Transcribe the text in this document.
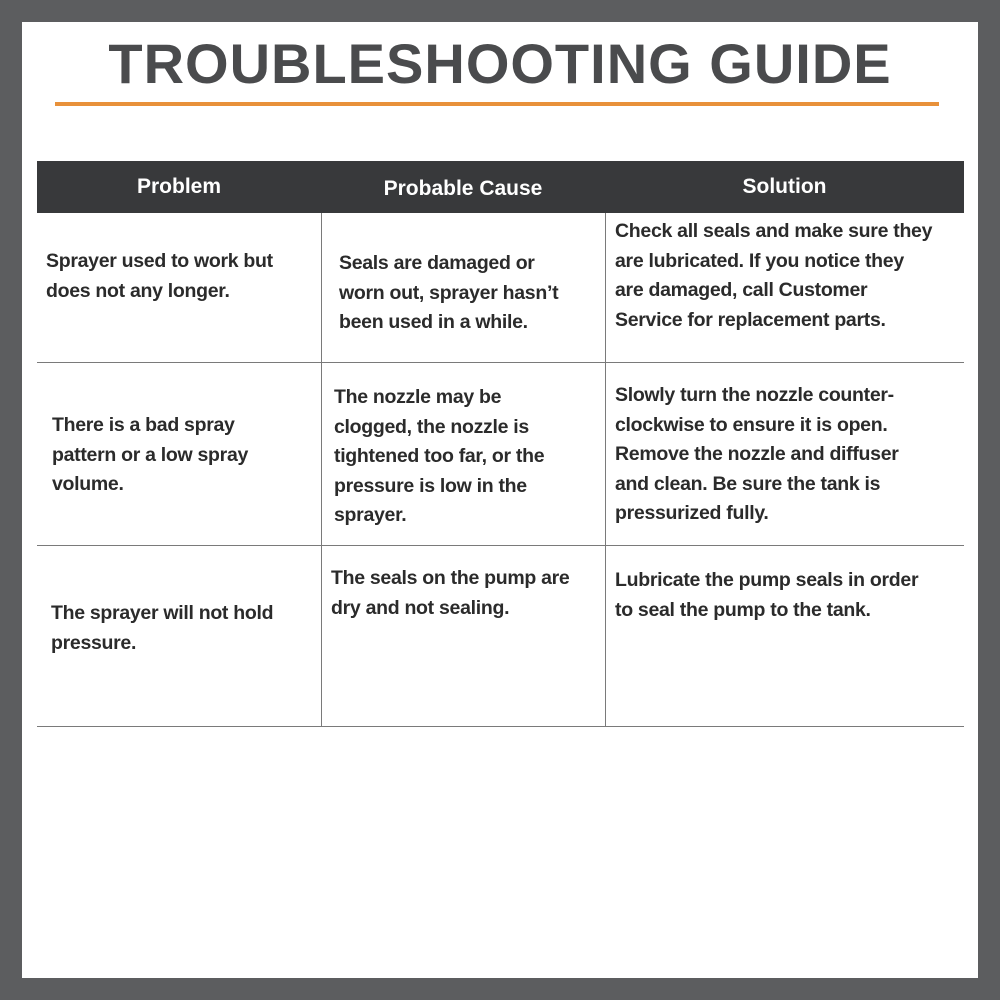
TROUBLESHOOTING GUIDE
Problem	Probable Cause	Solution
Sprayer used to work but
does not any longer.
Seals are damaged or
worn out, sprayer hasn’t
been used in a while.
Check all seals and make sure they
are lubricated. If you notice they
are damaged, call Customer
Service for replacement parts.
There is a bad spray
pattern or a low spray
volume.
The nozzle may be
clogged, the nozzle is
tightened too far, or the
pressure is low in the
sprayer.
Slowly turn the nozzle counter-
clockwise to ensure it is open.
Remove the nozzle and diffuser
and clean. Be sure the tank is
pressurized fully.
The sprayer will not hold
pressure.
The seals on the pump are
dry and not sealing.
Lubricate the pump seals in order
to seal the pump to the tank.
